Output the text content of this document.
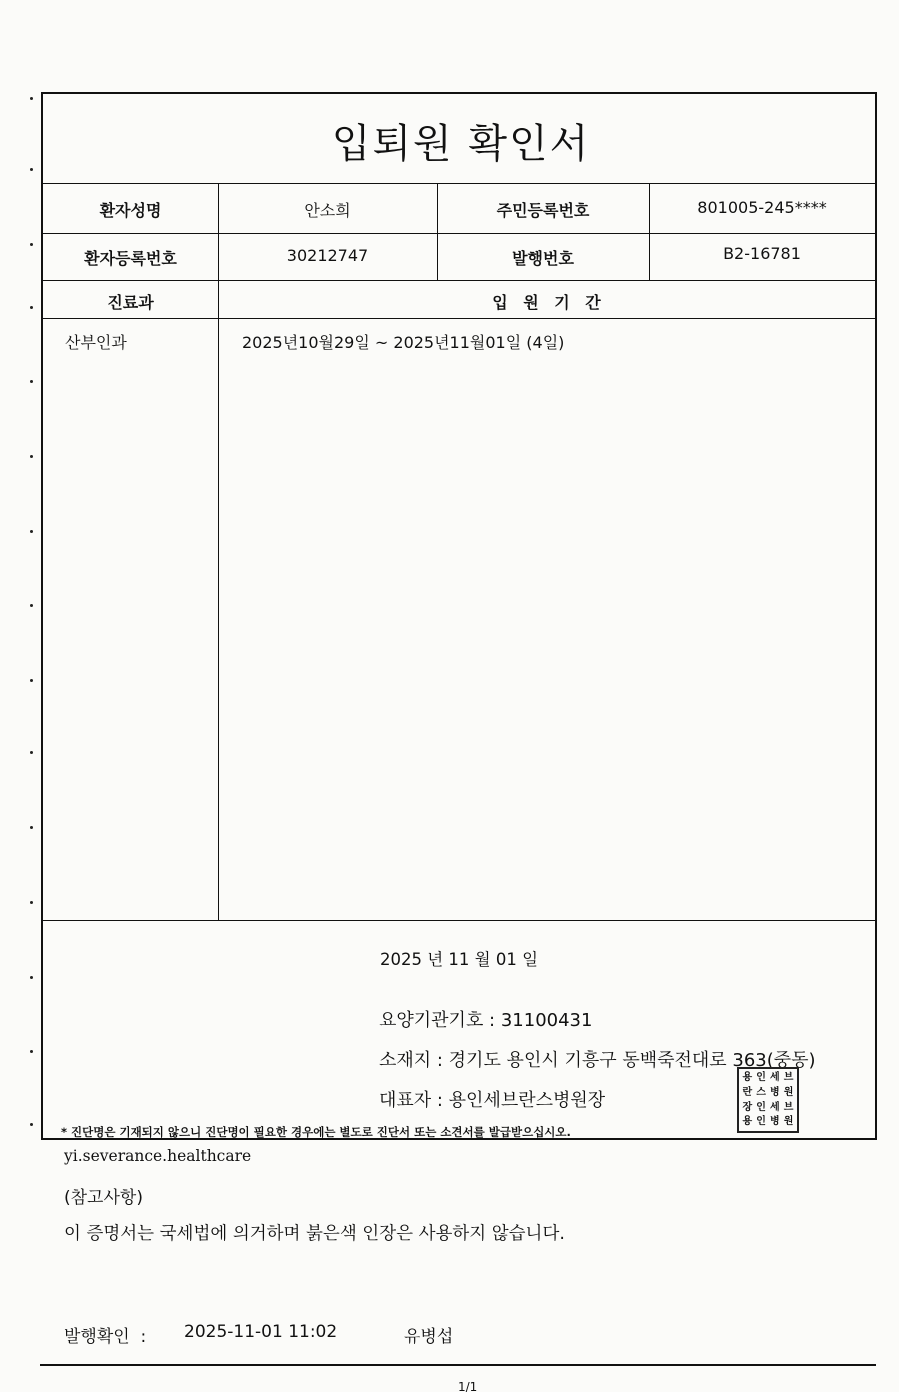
입퇴원 확인서
환자성명	안소희	주민등록번호	801005-245****
환자등록번호	30212747	발행번호	B2-16781
진료과	입 원 기 간
산부인과	2025년10월29일 ~ 2025년11월01일 (4일)
2025 년 11 월 01 일
요양기관기호 : 31100431
소재지 : 경기도 용인시 기흥구 동백죽전대로 363(중동)
대표자 : 용인세브란스병원장
* 진단명은 기재되지 않으니 진단명이 필요한 경우에는 별도로 진단서 또는 소견서를 발급받으십시오.
용 인 세 브
란 스 병 원
장 인 세 브
용 인 병 원
yi.severance.healthcare
(참고사항)
이 증명서는 국세법에 의거하며 붉은색 인장은 사용하지 않습니다.
발행확인  : 2025-11-01 11:02	유병섭
1/1
